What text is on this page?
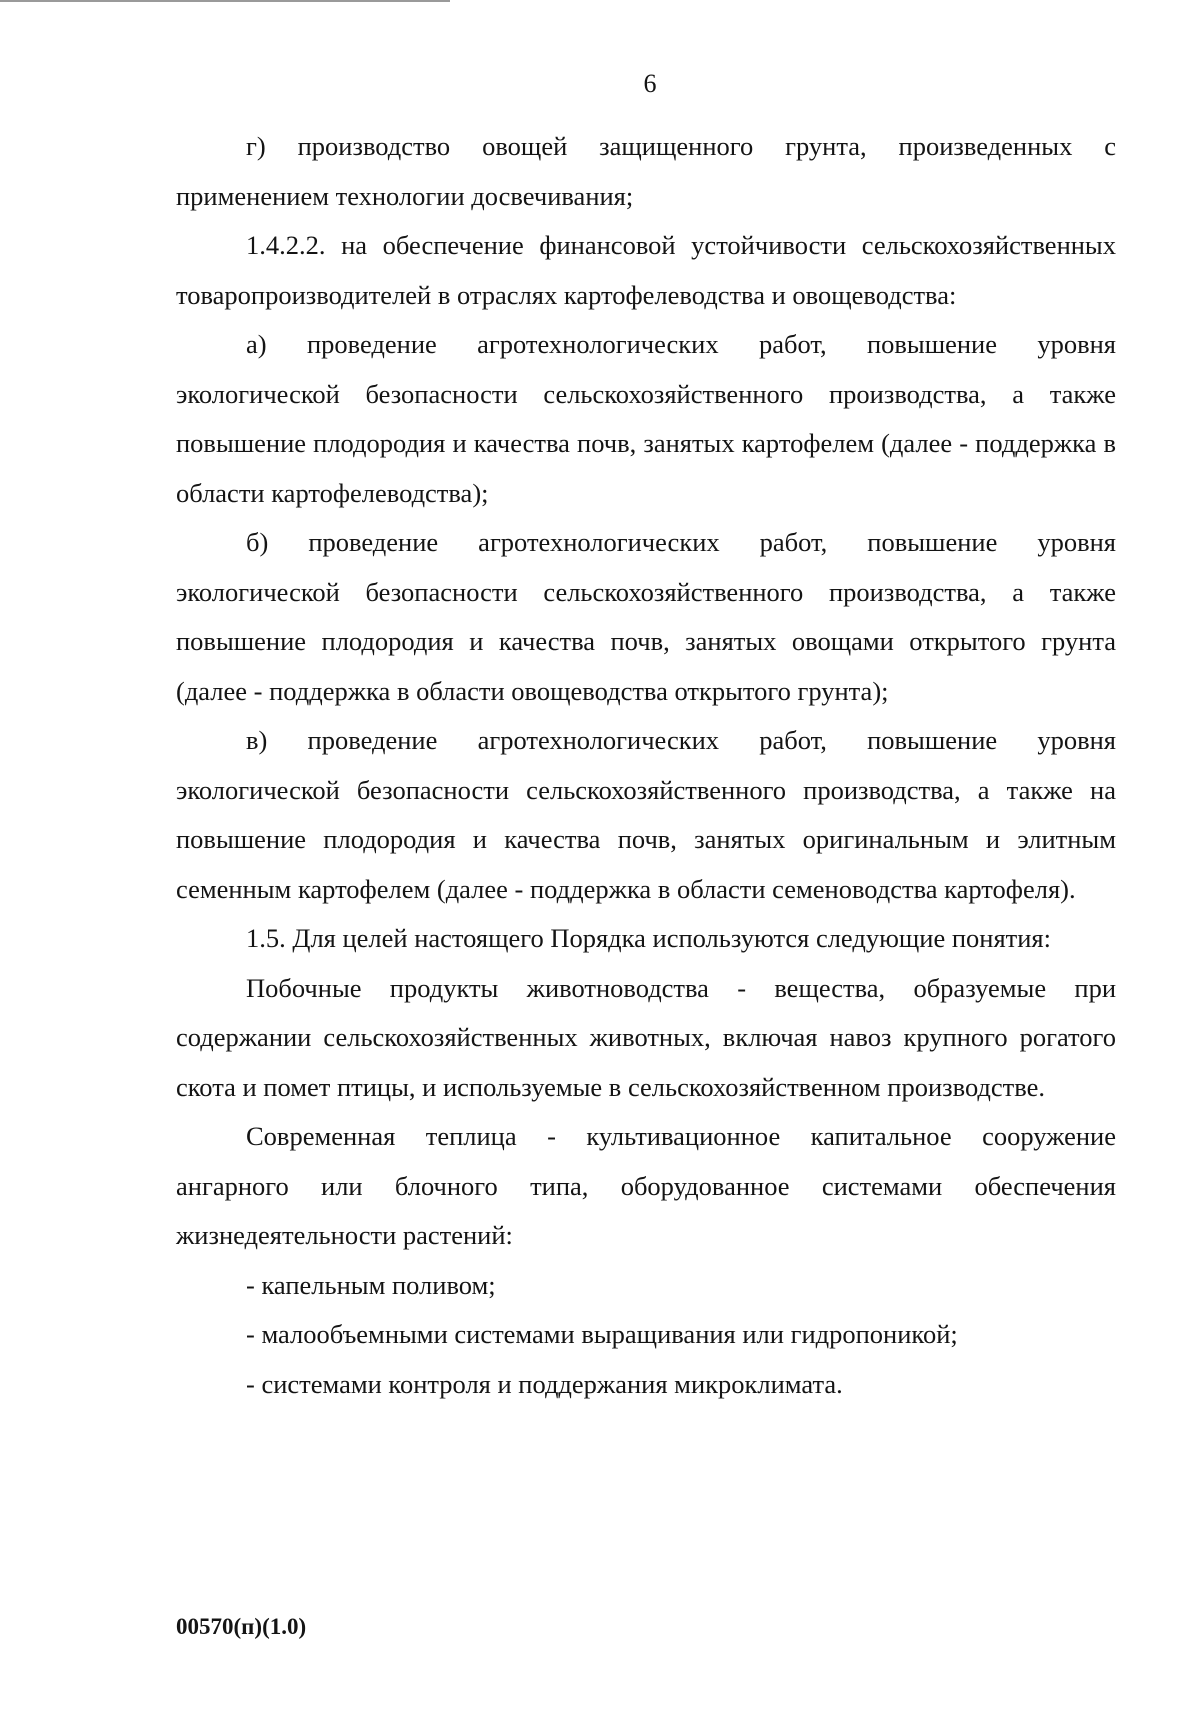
6

г) производство овощей защищенного грунта, произведенных с применением технологии досвечивания;

1.4.2.2. на обеспечение финансовой устойчивости сельскохозяйственных товаропроизводителей в отраслях картофелеводства и овощеводства:

а) проведение агротехнологических работ, повышение уровня экологической безопасности сельскохозяйственного производства, а также повышение плодородия и качества почв, занятых картофелем (далее - поддержка в области картофелеводства);

б) проведение агротехнологических работ, повышение уровня экологической безопасности сельскохозяйственного производства, а также повышение плодородия и качества почв, занятых овощами открытого грунта (далее - поддержка в области овощеводства открытого грунта);

в) проведение агротехнологических работ, повышение уровня экологической безопасности сельскохозяйственного производства, а также на повышение плодородия и качества почв, занятых оригинальным и элитным семенным картофелем (далее - поддержка в области семеноводства картофеля).

1.5. Для целей настоящего Порядка используются следующие понятия:

Побочные продукты животноводства - вещества, образуемые при содержании сельскохозяйственных животных, включая навоз крупного рогатого скота и помет птицы, и используемые в сельскохозяйственном производстве.

Современная теплица - культивационное капитальное сооружение ангарного или блочного типа, оборудованное системами обеспечения жизнедеятельности растений:

- капельным поливом;

- малообъемными системами выращивания или гидропоникой;

- системами контроля и поддержания микроклимата.

00570(п)(1.0)
